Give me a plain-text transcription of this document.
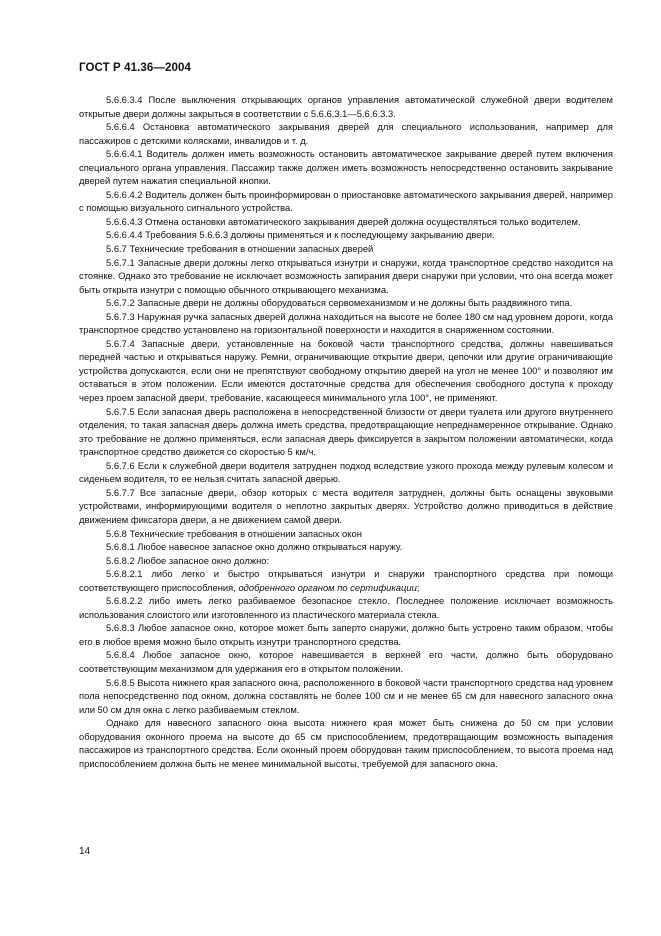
ГОСТ Р 41.36—2004

5.6.6.3.4 После выключения открывающих органов управления автоматической служебной двери водителем открытые двери должны закрыться в соответствии с 5.6.6.3.1—5.6.6.3.3.

5.6.6.4 Остановка автоматического закрывания дверей для специального использования, например для пассажиров с детскими колясками, инвалидов и т. д.

5.6.6.4.1 Водитель должен иметь возможность остановить автоматическое закрывание дверей путем включения специального органа управления. Пассажир также должен иметь возможность непосредственно остановить закрывание дверей путем нажатия специальной кнопки.

5.6.6.4.2 Водитель должен быть проинформирован о приостановке автоматического закрывания дверей, например с помощью визуального сигнального устройства.

5.6.6.4.3 Отмена остановки автоматического закрывания дверей должна осуществляться только водителем.

5.6.6.4.4 Требования 5.6.6.3 должны применяться и к последующему закрыванию двери.

5.6.7 Технические требования в отношении запасных дверей

5.6.7.1 Запасные двери должны легко открываться изнутри и снаружи, когда транспортное средство находится на стоянке. Однако это требование не исключает возможность запирания двери снаружи при условии, что она всегда может быть открыта изнутри с помощью обычного открывающего механизма.

5.6.7.2 Запасные двери не должны оборудоваться сервомеханизмом и не должны быть раздвижного типа.

5.6.7.3 Наружная ручка запасных дверей должна находиться на высоте не более 180 см над уровнем дороги, когда транспортное средство установлено на горизонтальной поверхности и находится в снаряженном состоянии.

5.6.7.4 Запасные двери, установленные на боковой части транспортного средства, должны навешиваться передней частью и открываться наружу. Ремни, ограничивающие открытие двери, цепочки или другие ограничивающие устройства допускаются, если они не препятствуют свободному открытию дверей на угол не менее 100° и позволяют им оставаться в этом положении. Если имеются достаточные средства для обеспечения свободного доступа к проходу через проем запасной двери, требование, касающееся минимального угла 100°, не применяют.

5.6.7.5 Если запасная дверь расположена в непосредственной близости от двери туалета или другого внутреннего отделения, то такая запасная дверь должна иметь средства, предотвращающие непреднамеренное открывание. Однако это требование не должно применяться, если запасная дверь фиксируется в закрытом положении автоматически, когда транспортное средство движется со скоростью 5 км/ч.

5.6.7.6 Если к служебной двери водителя затруднен подход вследствие узкого прохода между рулевым колесом и сиденьем водителя, то ее нельзя считать запасной дверью.

5.6.7.7 Все запасные двери, обзор которых с места водителя затруднен, должны быть оснащены звуковыми устройствами, информирующими водителя о неплотно закрытых дверях. Устройство должно приводиться в действие движением фиксатора двери, а не движением самой двери.

5.6.8 Технические требования в отношении запасных окон

5.6.8.1 Любое навесное запасное окно должно открываться наружу.

5.6.8.2 Любое запасное окно должно:

5.6.8.2.1 либо легко и быстро открываться изнутри и снаружи транспортного средства при помощи соответствующего приспособления, одобренного органом по сертификации;

5.6.8.2.2 либо иметь легко разбиваемое безопасное стекло. Последнее положение исключает возможность использования слоистого или изготовленного из пластического материала стекла.

5.6.8.3 Любое запасное окно, которое может быть заперто снаружи, должно быть устроено таким образом, чтобы его в любое время можно было открыть изнутри транспортного средства.

5.6.8.4 Любое запасное окно, которое навешивается в верхней его части, должно быть оборудовано соответствующим механизмом для удержания его в открытом положении.

5.6.8.5 Высота нижнего края запасного окна, расположенного в боковой части транспортного средства над уровнем пола непосредственно под окном, должна составлять не более 100 см и не менее 65 см для навесного запасного окна или 50 см для окна с легко разбиваемым стеклом.

Однако для навесного запасного окна высота нижнего края может быть снижена до 50 см при условии оборудования оконного проема на высоте до 65 см приспособлением, предотвращающим возможность выпадения пассажиров из транспортного средства. Если оконный проем оборудован таким приспособлением, то высота проема над приспособлением должна быть не менее минимальной высоты, требуемой для запасного окна.

14
